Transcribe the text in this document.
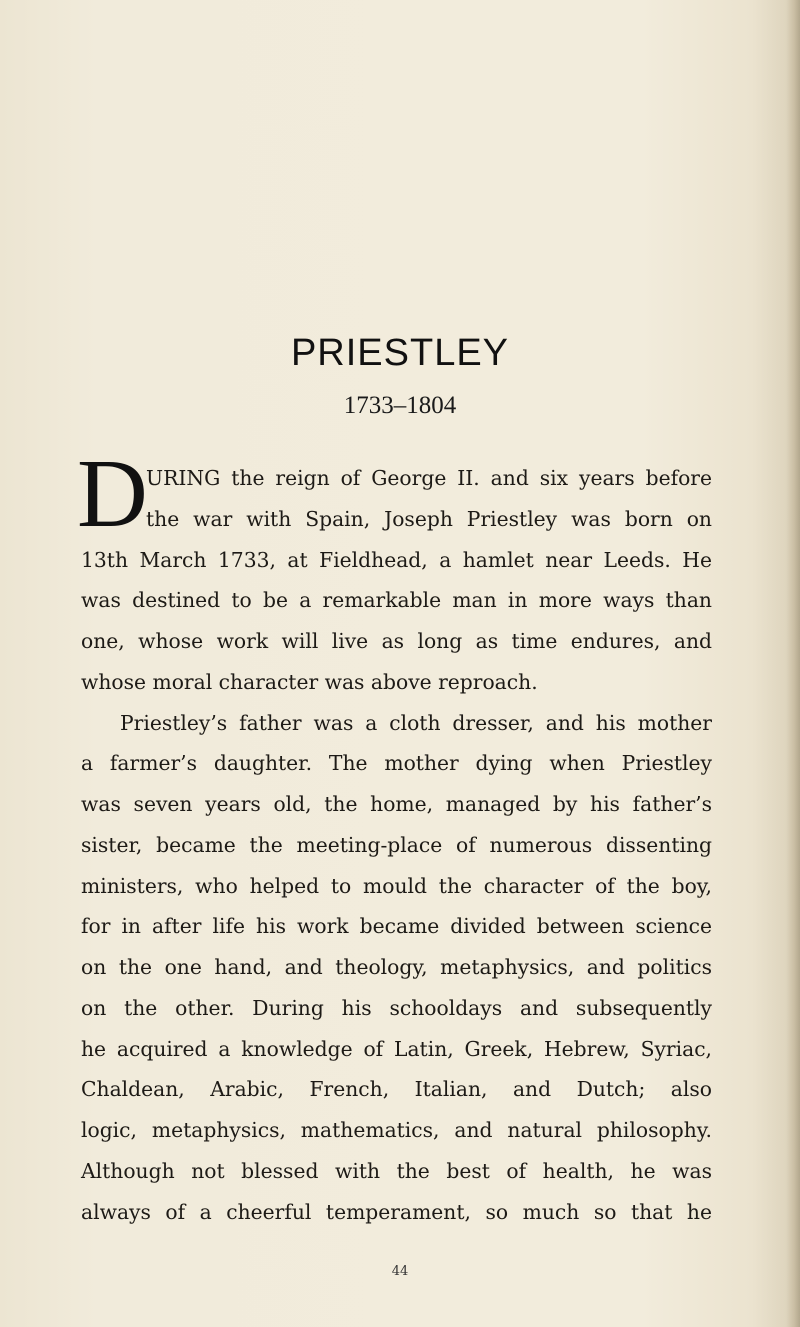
PRIESTLEY
1733–1804
D
URING the reign of George II. and six years before
the war with Spain, Joseph Priestley was born on
13th March 1733, at Fieldhead, a hamlet near Leeds. He
was destined to be a remarkable man in more ways than
one, whose work will live as long as time endures, and
whose moral character was above reproach.
Priestley’s father was a cloth dresser, and his mother
a farmer’s daughter. The mother dying when Priestley
was seven years old, the home, managed by his father’s
sister, became the meeting-place of numerous dissenting
ministers, who helped to mould the character of the boy,
for in after life his work became divided between science
on the one hand, and theology, metaphysics, and politics
on the other. During his schooldays and subsequently
he acquired a knowledge of Latin, Greek, Hebrew, Syriac,
Chaldean, Arabic, French, Italian, and Dutch; also
logic, metaphysics, mathematics, and natural philosophy.
Although not blessed with the best of health, he was
always of a cheerful temperament, so much so that he
44
